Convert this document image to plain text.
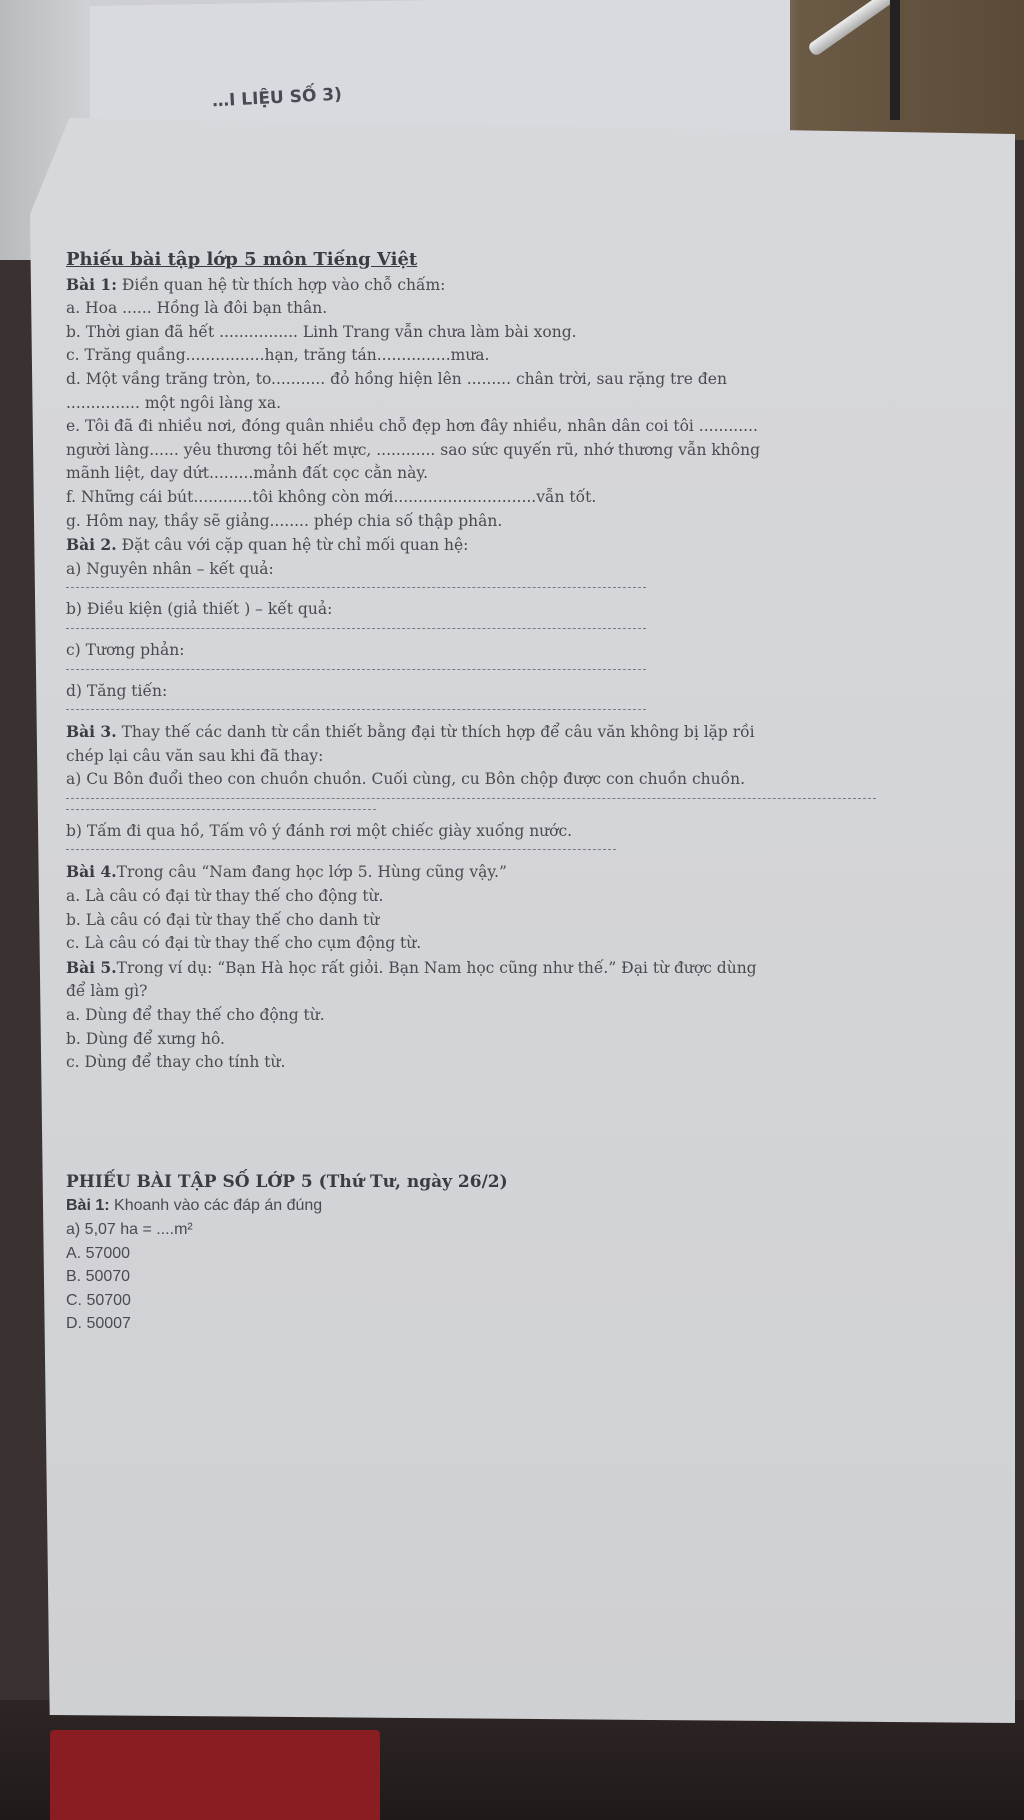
…I LIỆU SỐ 3)
Phiếu bài tập lớp 5 môn Tiếng Việt
Bài 1: Điền quan hệ từ thích hợp vào chỗ chấm:
a. Hoa ...... Hồng là đôi bạn thân.
b. Thời gian đã hết ................ Linh Trang vẫn chưa làm bài xong.
c. Trăng quầng................hạn, trăng tán...............mưa.
d. Một vầng trăng tròn, to........... đỏ hồng hiện lên ......... chân trời, sau rặng tre đen
............... một ngôi làng xa.
e. Tôi đã đi nhiều nơi, đóng quân nhiều chỗ đẹp hơn đây nhiều, nhân dân coi tôi ............
người làng...... yêu thương tôi hết mực, ............ sao sức quyến rũ, nhớ thương vẫn không
mãnh liệt, day dứt.........mảnh đất cọc cằn này.
f. Những cái bút............tôi không còn mới.............................vẫn tốt.
g. Hôm nay, thầy sẽ giảng........ phép chia số thập phân.
Bài 2. Đặt câu với cặp quan hệ từ chỉ mối quan hệ:
a) Nguyên nhân – kết quả:
b) Điều kiện (giả thiết ) – kết quả:
c) Tương phản:
d) Tăng tiến:
Bài 3. Thay thế các danh từ cần thiết bằng đại từ thích hợp để câu văn không bị lặp rồi
chép lại câu văn sau khi đã thay:
a) Cu Bôn đuổi theo con chuồn chuồn. Cuối cùng, cu Bôn chộp được con chuồn chuồn.
b) Tấm đi qua hồ, Tấm vô ý đánh rơi một chiếc giày xuống nước.
Bài 4.Trong câu “Nam đang học lớp 5. Hùng cũng vậy.”
a. Là câu có đại từ thay thế cho động từ.
b. Là câu có đại từ thay thế cho danh từ
c. Là câu có đại từ thay thế cho cụm động từ.
Bài 5.Trong ví dụ: “Bạn Hà học rất giỏi. Bạn Nam học cũng như thế.” Đại từ được dùng
để làm gì?
a. Dùng để thay thế cho động từ.
b. Dùng để xưng hô.
c. Dùng để thay cho tính từ.
PHIẾU BÀI TẬP SỐ LỚP 5 (Thứ Tư, ngày 26/2)
Bài 1: Khoanh vào các đáp án đúng
a) 5,07 ha = ....m²
A. 57000
B. 50070
C. 50700
D. 50007
